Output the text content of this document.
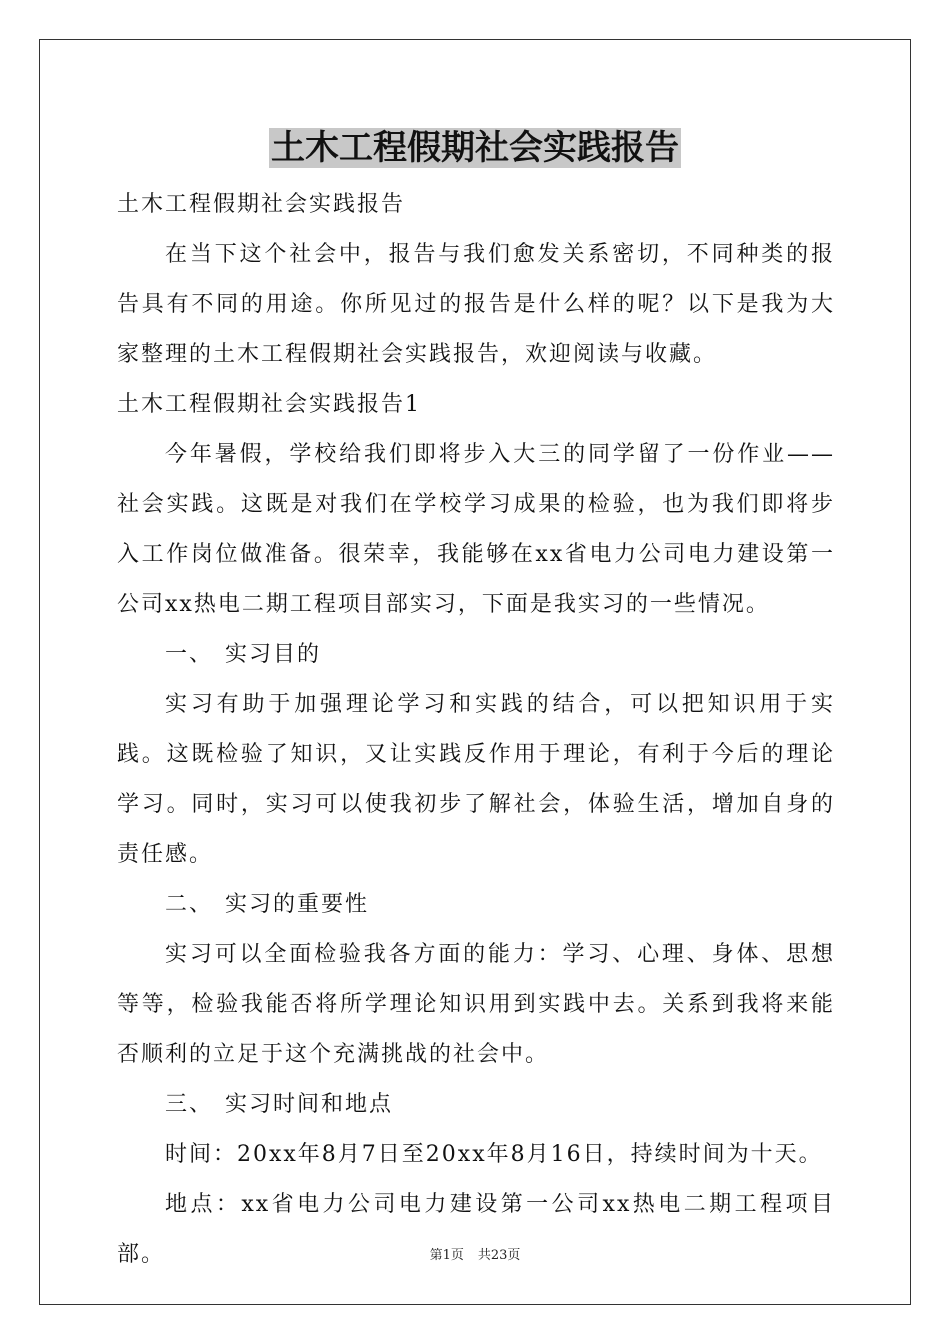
土木工程假期社会实践报告

土木工程假期社会实践报告

在当下这个社会中，报告与我们愈发关系密切，不同种类的报告具有不同的用途。你所见过的报告是什么样的呢？以下是我为大家整理的土木工程假期社会实践报告，欢迎阅读与收藏。

土木工程假期社会实践报告1

今年暑假，学校给我们即将步入大三的同学留了一份作业——社会实践。这既是对我们在学校学习成果的检验，也为我们即将步入工作岗位做准备。很荣幸，我能够在xx省电力公司电力建设第一公司xx热电二期工程项目部实习，下面是我实习的一些情况。

一、 实习目的

实习有助于加强理论学习和实践的结合，可以把知识用于实践。这既检验了知识，又让实践反作用于理论，有利于今后的理论学习。同时，实习可以使我初步了解社会，体验生活，增加自身的责任感。

二、 实习的重要性

实习可以全面检验我各方面的能力：学习、心理、身体、思想等等，检验我能否将所学理论知识用到实践中去。关系到我将来能否顺利的立足于这个充满挑战的社会中。

三、 实习时间和地点

时间：20xx年8月7日至20xx年8月16日，持续时间为十天。

地点：xx省电力公司电力建设第一公司xx热电二期工程项目部。	第1页 共23页
